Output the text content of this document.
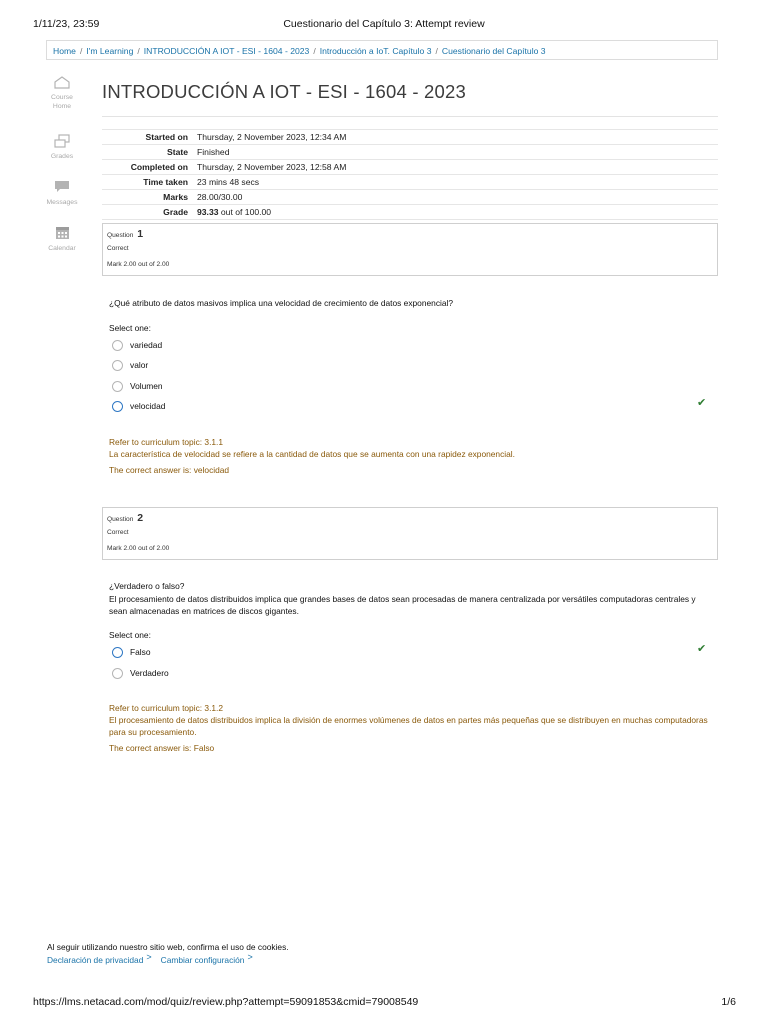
1/11/23, 23:59	Cuestionario del Capítulo 3: Attempt review
Home / I'm Learning / INTRODUCCIÓN A IOT - ESI - 1604 - 2023 / Introducción a IoT. Capítulo 3 / Cuestionario del Capítulo 3
Course Home
Grades
Messages
Calendar
INTRODUCCIÓN A IOT - ESI - 1604 - 2023
Started on	Thursday, 2 November 2023, 12:34 AM
State	Finished
Completed on	Thursday, 2 November 2023, 12:58 AM
Time taken	23 mins 48 secs
Marks	28.00/30.00
Grade	93.33 out of 100.00
Question 1
Correct
Mark 2.00 out of 2.00
¿Qué atributo de datos masivos implica una velocidad de crecimiento de datos exponencial?
Select one:
variedad
valor
Volumen
velocidad	✔
Refer to curriculum topic: 3.1.1
La característica de velocidad se refiere a la cantidad de datos que se aumenta con una rapidez exponencial.
The correct answer is: velocidad
Question 2
Correct
Mark 2.00 out of 2.00
¿Verdadero o falso?
El procesamiento de datos distribuidos implica que grandes bases de datos sean procesadas de manera centralizada por versátiles computadoras centrales y sean almacenadas en matrices de discos gigantes.
Select one:
Falso
Verdadero
✔
Refer to curriculum topic: 3.1.2
El procesamiento de datos distribuidos implica la división de enormes volúmenes de datos en partes más pequeñas que se distribuyen en muchas computadoras para su procesamiento.
The correct answer is: Falso
Al seguir utilizando nuestro sitio web, confirma el uso de cookies.
Declaración de privacidad > Cambiar configuración >
https://lms.netacad.com/mod/quiz/review.php?attempt=59091853&cmid=79008549	1/6
